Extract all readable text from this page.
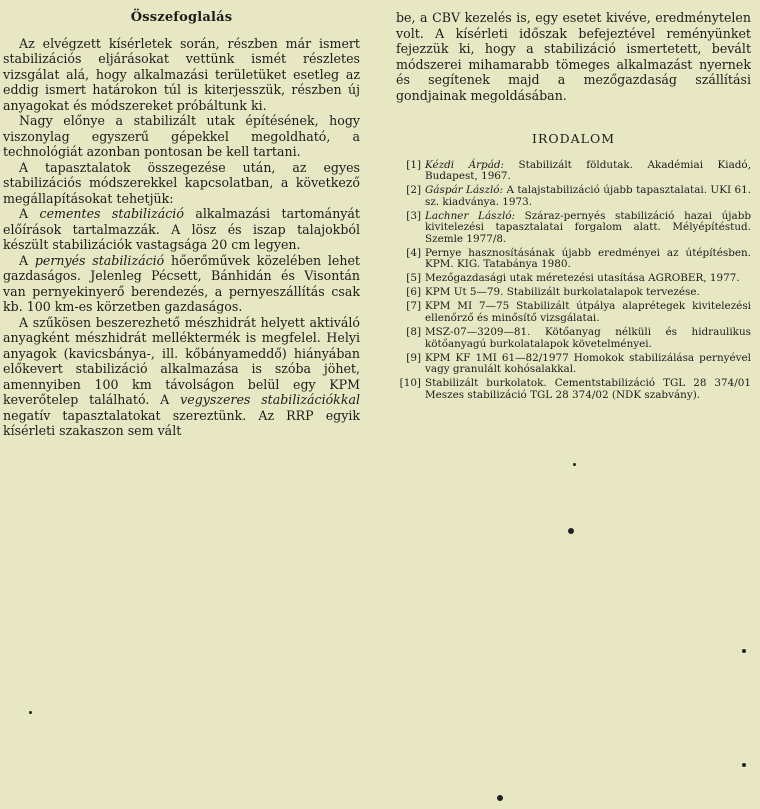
Összefoglalás

Az elvégzett kísérletek során, részben már ismert stabilizációs eljárásokat vettünk ismét részletes vizsgálat alá, hogy alkalmazási területüket esetleg az eddig ismert határokon túl is kiterjesszük, részben új anyagokat és módszereket próbáltunk ki.

Nagy előnye a stabilizált utak építésének, hogy viszonylag egyszerű gépekkel megoldható, a technológiát azonban pontosan be kell tartani.

A tapasztalatok összegezése után, az egyes stabilizációs módszerekkel kapcsolatban, a következő megállapításokat tehetjük:

A cementes stabilizáció alkalmazási tartományát előírások tartalmazzák. A lösz és iszap talajokból készült stabilizációk vastagsága 20 cm legyen.

A pernyés stabilizáció hőerőművek közelében lehet gazdaságos. Jelenleg Pécsett, Bánhidán és Visontán van pernyekinyerő berendezés, a pernyeszállítás csak kb. 100 km-es körzetben gazdaságos.

A szűkösen beszerezhető mészhidrát helyett aktiváló anyagként mészhidrát melléktermék is megfelel. Helyi anyagok (kavicsbánya-, ill. kőbányameddő) hiányában előkevert stabilizáció alkalmazása is szóba jöhet, amennyiben 100 km távolságon belül egy KPM keverőtelep található. A vegyszeres stabilizációkkal negatív tapasztalatokat szereztünk. Az RRP egyik kísérleti szakaszon sem vált

be, a CBV kezelés is, egy esetet kivéve, eredménytelen volt. A kísérleti időszak befejeztével reményünket fejezzük ki, hogy a stabilizáció ismertetett, bevált módszerei mihamarabb tömeges alkalmazást nyernek és segítenek majd a mezőgazdaság szállítási gondjainak megoldásában.

IRODALOM
[1] Kézdi Árpád: Stabilizált földutak. Akadémiai Kiadó, Budapest, 1967.
[2] Gáspár László: A talajstabilizáció újabb tapasztalatai. UKI 61. sz. kiadványa. 1973.
[3] Lachner László: Száraz-pernyés stabilizáció hazai újabb kivitelezési tapasztalatai forgalom alatt. Mélyépítéstud. Szemle 1977/8.
[4] Pernye hasznosításának újabb eredményei az útépítésben. KPM. KIG. Tatabánya 1980.
[5] Mezőgazdasági utak méretezési utasítása AGROBER, 1977.
[6] KPM Ut 5—79. Stabilizált burkolatalapok tervezése.
[7] KPM MI 7—75 Stabilizált útpálya alaprétegek kivitelezési ellenőrző és minősítő vizsgálatai.
[8] MSZ-07—3209—81. Kötőanyag nélküli és hidraulikus kötőanyagú burkolatalapok követelményei.
[9] KPM KF 1MI 61—82/1977 Homokok stabilizálása pernyével vagy granulált kohósalakkal.
[10] Stabilizált burkolatok. Cementstabilizáció TGL 28 374/01 Meszes stabilizáció TGL 28 374/02 (NDK szabvány).
